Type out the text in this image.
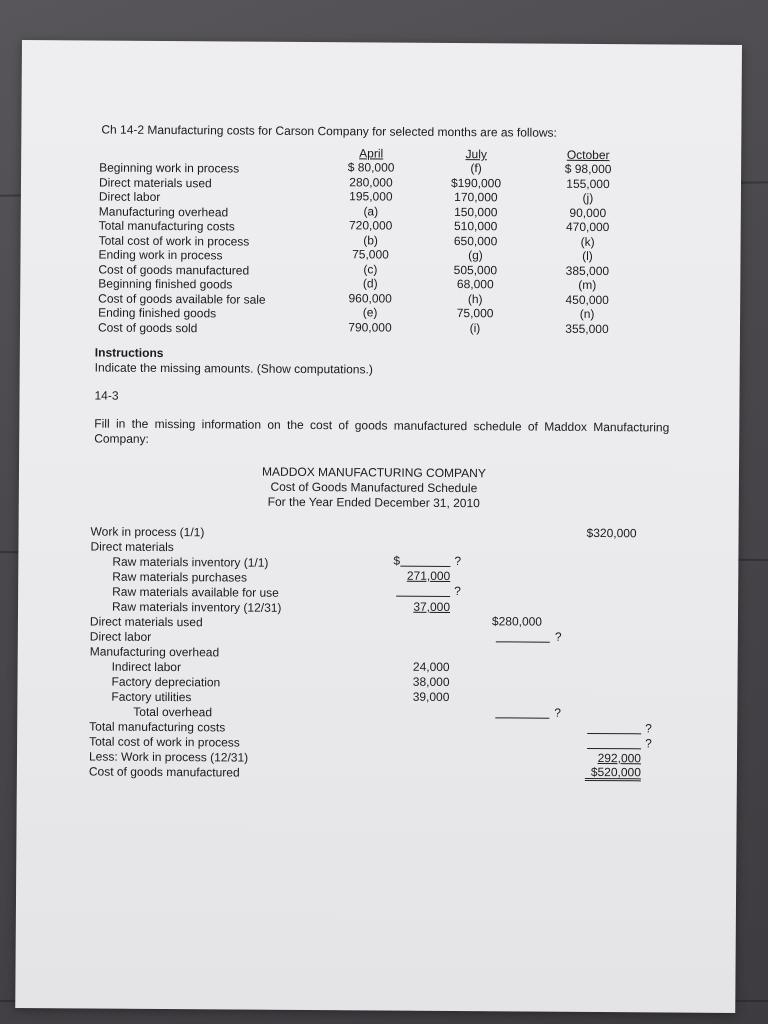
Ch 14-2 Manufacturing costs for Carson Company for selected months are as follows:
April	July	October
Beginning work in process	$ 80,000	(f)	$ 98,000
Direct materials used	280,000	$190,000	155,000
Direct labor	195,000	170,000	(j)
Manufacturing overhead	(a)	150,000	90,000
Total manufacturing costs	720,000	510,000	470,000
Total cost of work in process	(b)	650,000	(k)
Ending work in process	75,000	(g)	(l)
Cost of goods manufactured	(c)	505,000	385,000
Beginning finished goods	(d)	68,000	(m)
Cost of goods available for sale	960,000	(h)	450,000
Ending finished goods	(e)	75,000	(n)
Cost of goods sold	790,000	(i)	355,000
Instructions
Indicate the missing amounts. (Show computations.)
14-3
Fill in the missing information on the cost of goods manufactured schedule of Maddox Manufacturing Company:
MADDOX MANUFACTURING COMPANY
Cost of Goods Manufactured Schedule
For the Year Ended December 31, 2010
Work in process (1/1)	$320,000
Direct materials
Raw materials inventory (1/1)	$	?
Raw materials purchases	271,000
Raw materials available for use	?
Raw materials inventory (12/31)	37,000
Direct materials used	$280,000
Direct labor	?
Manufacturing overhead
Indirect labor	24,000
Factory depreciation	38,000
Factory utilities	39,000
Total overhead	?
Total manufacturing costs	?
Total cost of work in process	?
Less: Work in process (12/31)	292,000
Cost of goods manufactured	$520,000
